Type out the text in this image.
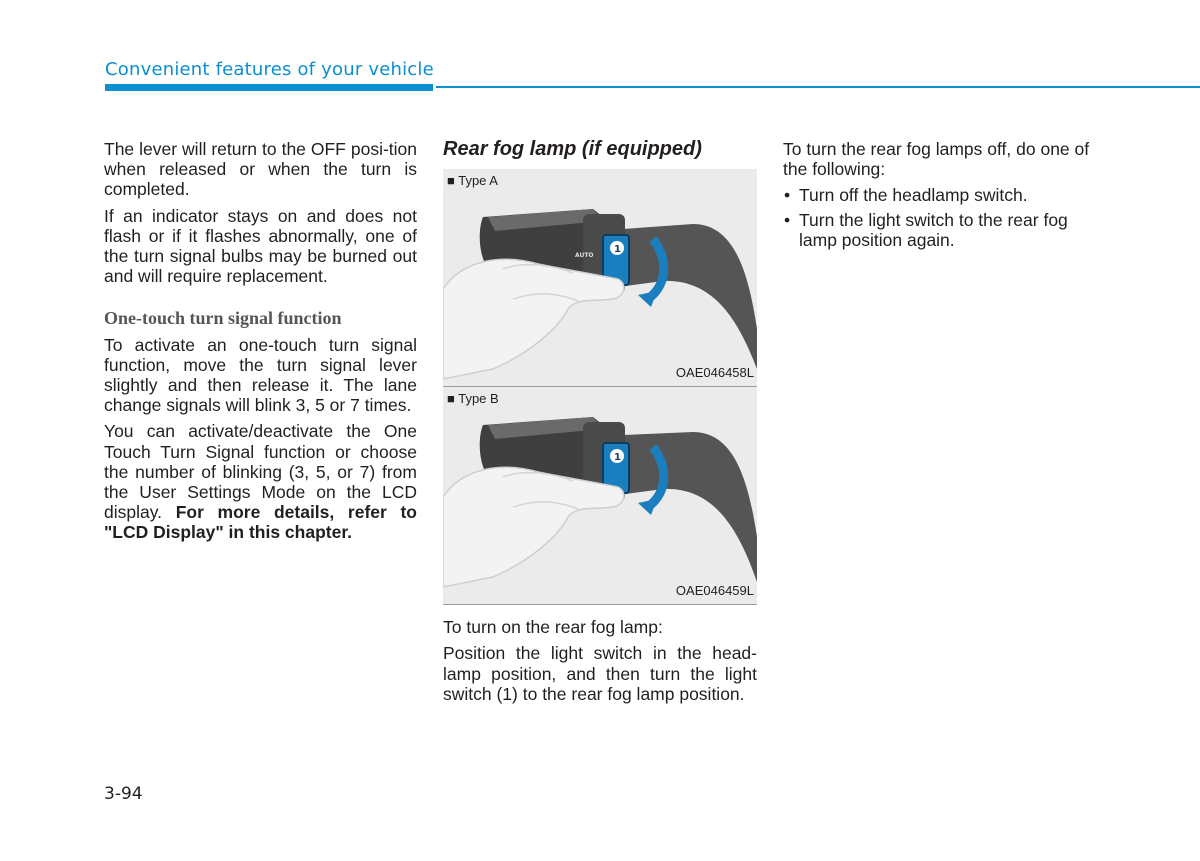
Convenient features of your vehicle

The lever will return to the OFF posi-tion when released or when the turn is completed.

If an indicator stays on and does not flash or if it flashes abnormally, one of the turn signal bulbs may be burned out and will require replacement.

One-touch turn signal function

To activate an one-touch turn signal function, move the turn signal lever slightly and then release it. The lane change signals will blink 3, 5 or 7 times.

You can activate/deactivate the One Touch Turn Signal function or choose the number of blinking (3, 5, or 7) from the User Settings Mode on the LCD display. For more details, refer to "LCD Display" in this chapter.

Rear fog lamp (if equipped)
AUTO
1
■ Type A
OAE046458L
1
■ Type B
OAE046459L

To turn on the rear fog lamp:

Position the light switch in the head-lamp position, and then turn the light switch (1) to the rear fog lamp position.

To turn the rear fog lamps off, do one of the following:

• Turn off the headlamp switch.
• Turn the light switch to the rear fog lamp position again.
3-94
